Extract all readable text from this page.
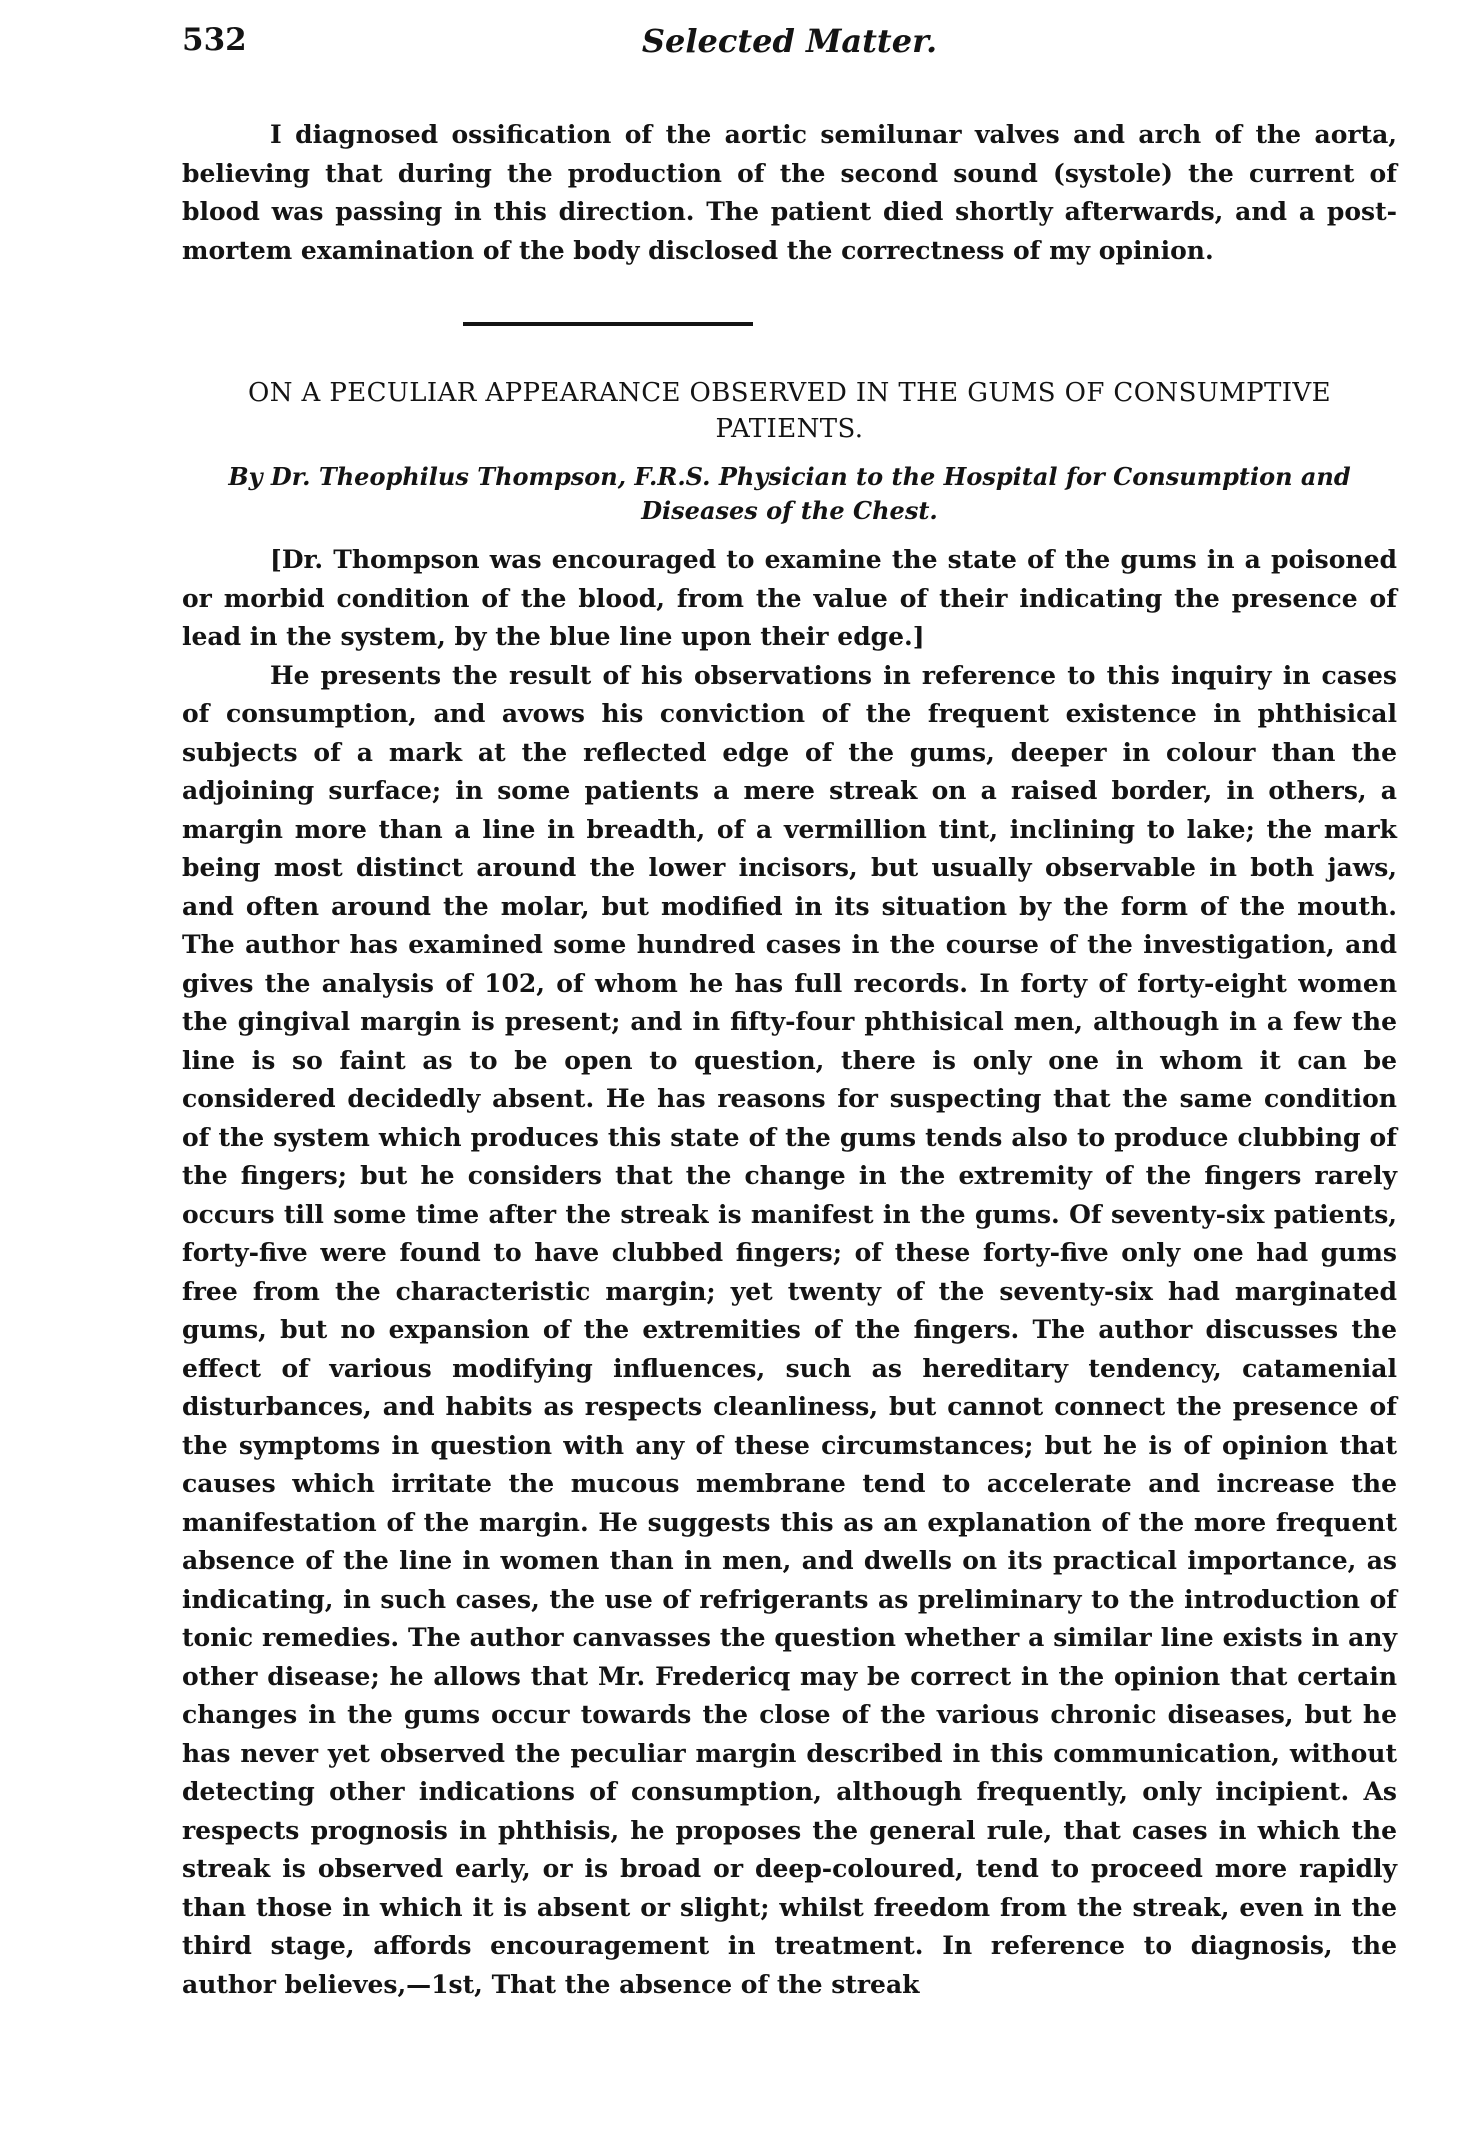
532	Selected Matter.

I diagnosed ossification of the aortic semilunar valves and arch of the aorta, believing that during the production of the second sound (systole) the current of blood was passing in this direction. The patient died shortly afterwards, and a post-mortem examination of the body disclosed the correctness of my opinion.

ON A PECULIAR APPEARANCE OBSERVED IN THE GUMS OF CONSUMPTIVE PATIENTS.
By Dr. Theophilus Thompson, F.R.S. Physician to the Hospital for Consumption and Diseases of the Chest.

[Dr. Thompson was encouraged to examine the state of the gums in a poisoned or morbid condition of the blood, from the value of their indicating the presence of lead in the system, by the blue line upon their edge.]

He presents the result of his observations in reference to this inquiry in cases of consumption, and avows his conviction of the frequent existence in phthisical subjects of a mark at the reflected edge of the gums, deeper in colour than the adjoining surface; in some patients a mere streak on a raised border, in others, a margin more than a line in breadth, of a vermillion tint, inclining to lake; the mark being most distinct around the lower incisors, but usually observable in both jaws, and often around the molar, but modified in its situation by the form of the mouth. The author has examined some hundred cases in the course of the investigation, and gives the analysis of 102, of whom he has full records. In forty of forty-eight women the gingival margin is present; and in fifty-four phthisical men, although in a few the line is so faint as to be open to question, there is only one in whom it can be considered decidedly absent. He has reasons for suspecting that the same condition of the system which produces this state of the gums tends also to produce clubbing of the fingers; but he considers that the change in the extremity of the fingers rarely occurs till some time after the streak is manifest in the gums. Of seventy-six patients, forty-five were found to have clubbed fingers; of these forty-five only one had gums free from the characteristic margin; yet twenty of the seventy-six had marginated gums, but no expansion of the extremities of the fingers. The author discusses the effect of various modifying influences, such as hereditary tendency, catamenial disturbances, and habits as respects cleanliness, but cannot connect the presence of the symptoms in question with any of these circumstances; but he is of opinion that causes which irritate the mucous membrane tend to accelerate and increase the manifestation of the margin. He suggests this as an explanation of the more frequent absence of the line in women than in men, and dwells on its practical importance, as indicating, in such cases, the use of refrigerants as preliminary to the introduction of tonic remedies. The author canvasses the question whether a similar line exists in any other disease; he allows that Mr. Fredericq may be correct in the opinion that certain changes in the gums occur towards the close of the various chronic diseases, but he has never yet observed the peculiar margin described in this communication, without detecting other indications of consumption, although frequently, only incipient. As respects prognosis in phthisis, he proposes the general rule, that cases in which the streak is observed early, or is broad or deep-coloured, tend to proceed more rapidly than those in which it is absent or slight; whilst freedom from the streak, even in the third stage, affords encouragement in treatment. In reference to diagnosis, the author believes,—1st, That the absence of the streak
